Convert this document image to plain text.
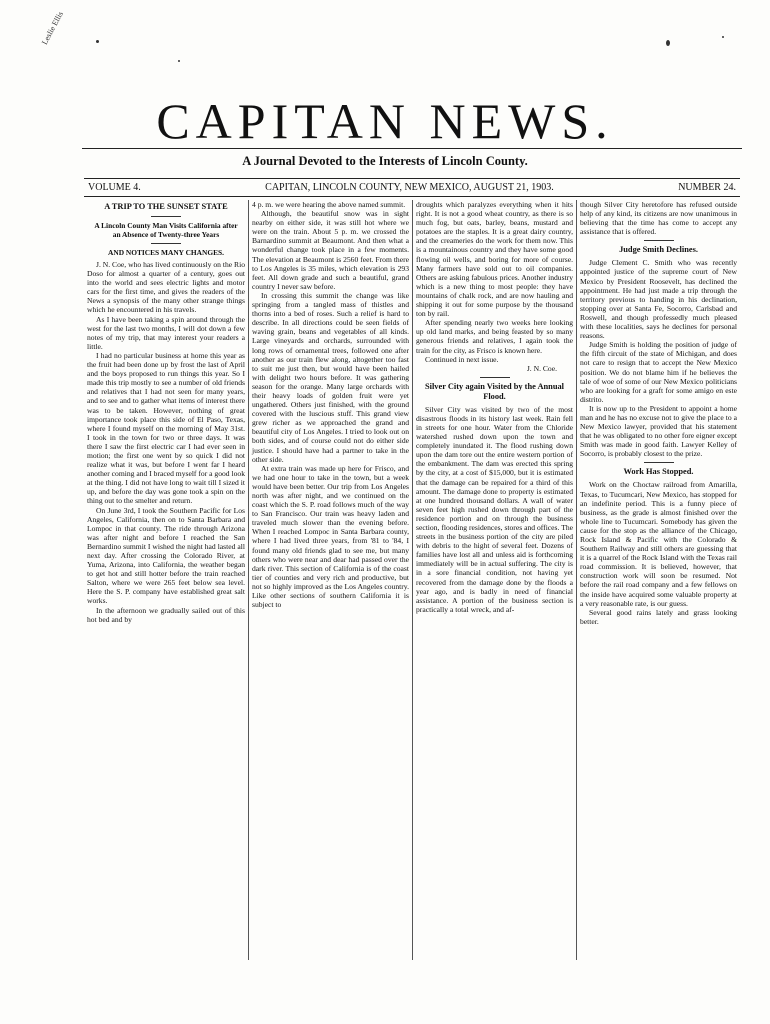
Leslie Ellis
CAPITAN NEWS.
A Journal Devoted to the Interests of Lincoln County.
VOLUME 4.	CAPITAN, LINCOLN COUNTY, NEW MEXICO, AUGUST 21, 1903.	NUMBER 24.
A TRIP TO THE SUNSET STATE
A Lincoln County Man Visits California after an Absence of Twenty-three Years
AND NOTICES MANY CHANGES.

J. N. Coe, who has lived continuously on the Rio Doso for almost a quarter of a century, goes out into the world and sees electric lights and motor cars for the first time, and gives the readers of the News a synopsis of the many other strange things which he encountered in his travels.

As I have been taking a spin around through the west for the last two months, I will dot down a few notes of my trip, that may interest your readers a little.

I had no particular business at home this year as the fruit had been done up by frost the last of April and the boys proposed to run things this year. So I made this trip mostly to see a number of old friends and relatives that I had not seen for many years, and to see and to gather what items of interest there was to be taken. However, nothing of great importance took place this side of El Paso, Texas, where I found myself on the morning of May 31st. I took in the town for two or three days. It was there I saw the first electric car I had ever seen in motion; the first one went by so quick I did not realize what it was, but before I went far I heard another coming and I braced myself for a good look at the thing. I did not have long to wait till I sized it up, and before the day was gone took a spin on the thing out to the smelter and return.

On June 3rd, I took the Southern Pacific for Los Angeles, California, then on to Santa Barbara and Lompoc in that county. The ride through Arizona was after night and before I reached the San Bernardino summit I wished the night had lasted all next day. After crossing the Colorado River, at Yuma, Arizona, into California, the weather began to get hot and still hotter before the train reached Salton, where we were 265 feet below sea level. Here the S. P. company have established great salt works.

In the afternoon we gradually sailed out of this hot bed and by

4 p. m. we were hearing the above named summit.

Although, the beautiful snow was in sight nearby on either side, it was still hot where we were on the train. About 5 p. m. we crossed the Barnardino summit at Beaumont. And then what a wonderful change took place in a few moments. The elevation at Beaumont is 2560 feet. From there to Los Angeles is 35 miles, which elevation is 293 feet. All down grade and such a beautiful, grand country I never saw before.

In crossing this summit the change was like springing from a tangled mass of thistles and thorns into a bed of roses. Such a relief is hard to describe. In all directions could be seen fields of waving grain, beans and vegetables of all kinds. Large vineyards and orchards, surrounded with long rows of ornamental trees, followed one after another as our train flew along, altogether too fast to suit me just then, but would have been hailed with delight two hours before. It was gathering season for the orange. Many large orchards with their heavy loads of golden fruit were yet ungathered. Others just finished, with the ground covered with the luscious stuff. This grand view grew richer as we approached the grand and beautiful city of Los Angeles. I tried to look out on both sides, and of course could not do either side justice. I should have had a partner to take in the other side.

At extra train was made up here for Frisco, and we had one hour to take in the town, but a week would have been better. Our trip from Los Angeles north was after night, and we continued on the coast which the S. P. road follows much of the way to San Francisco. Our train was heavy laden and traveled much slower than the evening before. When I reached Lompoc in Santa Barbara county, where I had lived three years, from '81 to '84, I found many old friends glad to see me, but many others who were near and dear had passed over the dark river. This section of California is of the coast tier of counties and very rich and productive, but not so highly improved as the Los Angeles country. Like other sections of southern California it is subject to

droughts which paralyzes everything when it hits right. It is not a good wheat country, as there is so much fog, but oats, barley, beans, mustard and potatoes are the staples. It is a great dairy country, and the creameries do the work for them now. This is a mountainous country and they have some good flowing oil wells, and boring for more of course. Many farmers have sold out to oil companies. Others are asking fabulous prices. Another industry which is a new thing to most people: they have mountains of chalk rock, and are now hauling and shipping it out for some purpose by the thousand ton by rail.

After spending nearly two weeks here looking up old land marks, and being feasted by so many generous friends and relatives, I again took the train for the city, as Frisco is known here.

Continued in next issue.

J. N. Coe.
Silver City again Visited by the Annual Flood.

Silver City was visited by two of the most disastrous floods in its history last week. Rain fell in streets for one hour. Water from the Chloride watershed rushed down upon the town and completely inundated it. The flood rushing down upon the dam tore out the entire western portion of the embankment. The dam was erected this spring by the city, at a cost of $15,000, but it is estimated that the damage can be repaired for a third of this amount. The damage done to property is estimated at one hundred thousand dollars. A wall of water seven feet high rushed down through part of the residence portion and on through the business section, flooding residences, stores and offices. The streets in the business portion of the city are piled with debris to the hight of several feet. Dozens of families have lost all and unless aid is forthcoming immediately will be in actual suffering. The city is in a sore financial condition, not having yet recovered from the damage done by the floods a year ago, and is badly in need of financial assistance. A portion of the business section is practically a total wreck, and af-

though Silver City heretofore has refused outside help of any kind, its citizens are now unanimous in believing that the time has come to accept any assistance that is offered.

Judge Smith Declines.

Judge Clement C. Smith who was recently appointed justice of the supreme court of New Mexico by President Roosevelt, has declined the appointment. He had just made a trip through the territory previous to handing in his declination, stopping over at Santa Fe, Socorro, Carlsbad and Roswell, and though professedly much pleased with these localities, says he declines for personal reasons.

Judge Smith is holding the position of judge of the fifth circuit of the state of Michigan, and does not care to resign that to accept the New Mexico position. We do not blame him if he believes the tale of woe of some of our New Mexico politicians who are looking for a graft for some amigo en este distrito.

It is now up to the President to appoint a home man and he has no excuse not to give the place to a New Mexico lawyer, provided that his statement that he was obligated to no other fore eigner except Smith was made in good faith. Lawyer Kelley of Socorro, is probably closest to the prize.

Work Has Stopped.

Work on the Choctaw railroad from Amarilla, Texas, to Tucumcari, New Mexico, has stopped for an indefinite period. This is a funny piece of business, as the grade is almost finished over the whole line to Tucumcari. Somebody has given the cause for the stop as the alliance of the Chicago, Rock Island & Pacific with the Colorado & Southern Railway and still others are guessing that it is a quarrel of the Rock Island with the Texas rail road commission. It is believed, however, that construction work will soon be resumed. Not before the rail road company and a few fellows on the inside have acquired some valuable property at a very reasonable rate, is our guess.

Several good rains lately and grass looking better.
